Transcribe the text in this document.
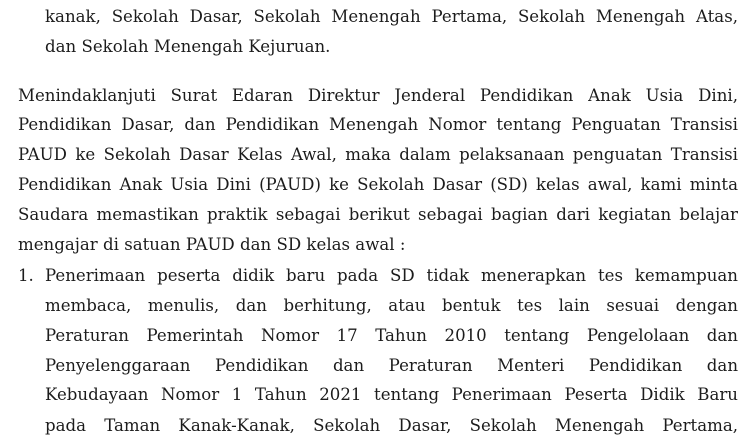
kanak, Sekolah Dasar, Sekolah Menengah Pertama, Sekolah Menengah Atas,
dan Sekolah Menengah Kejuruan.
Menindaklanjuti Surat Edaran Direktur Jenderal Pendidikan Anak Usia Dini,
Pendidikan Dasar, dan Pendidikan Menengah Nomor tentang Penguatan Transisi
PAUD ke Sekolah Dasar Kelas Awal, maka dalam pelaksanaan penguatan Transisi
Pendidikan Anak Usia Dini (PAUD) ke Sekolah Dasar (SD) kelas awal, kami minta
Saudara memastikan praktik sebagai berikut sebagai bagian dari kegiatan belajar
mengajar di satuan PAUD dan SD kelas awal :
1. Penerimaan peserta didik baru pada SD tidak menerapkan tes kemampuan
membaca, menulis, dan berhitung, atau bentuk tes lain sesuai dengan
Peraturan Pemerintah Nomor 17 Tahun 2010 tentang Pengelolaan dan
Penyelenggaraan Pendidikan dan Peraturan Menteri Pendidikan dan
Kebudayaan Nomor 1 Tahun 2021 tentang Penerimaan Peserta Didik Baru
pada Taman Kanak-Kanak, Sekolah Dasar, Sekolah Menengah Pertama,
